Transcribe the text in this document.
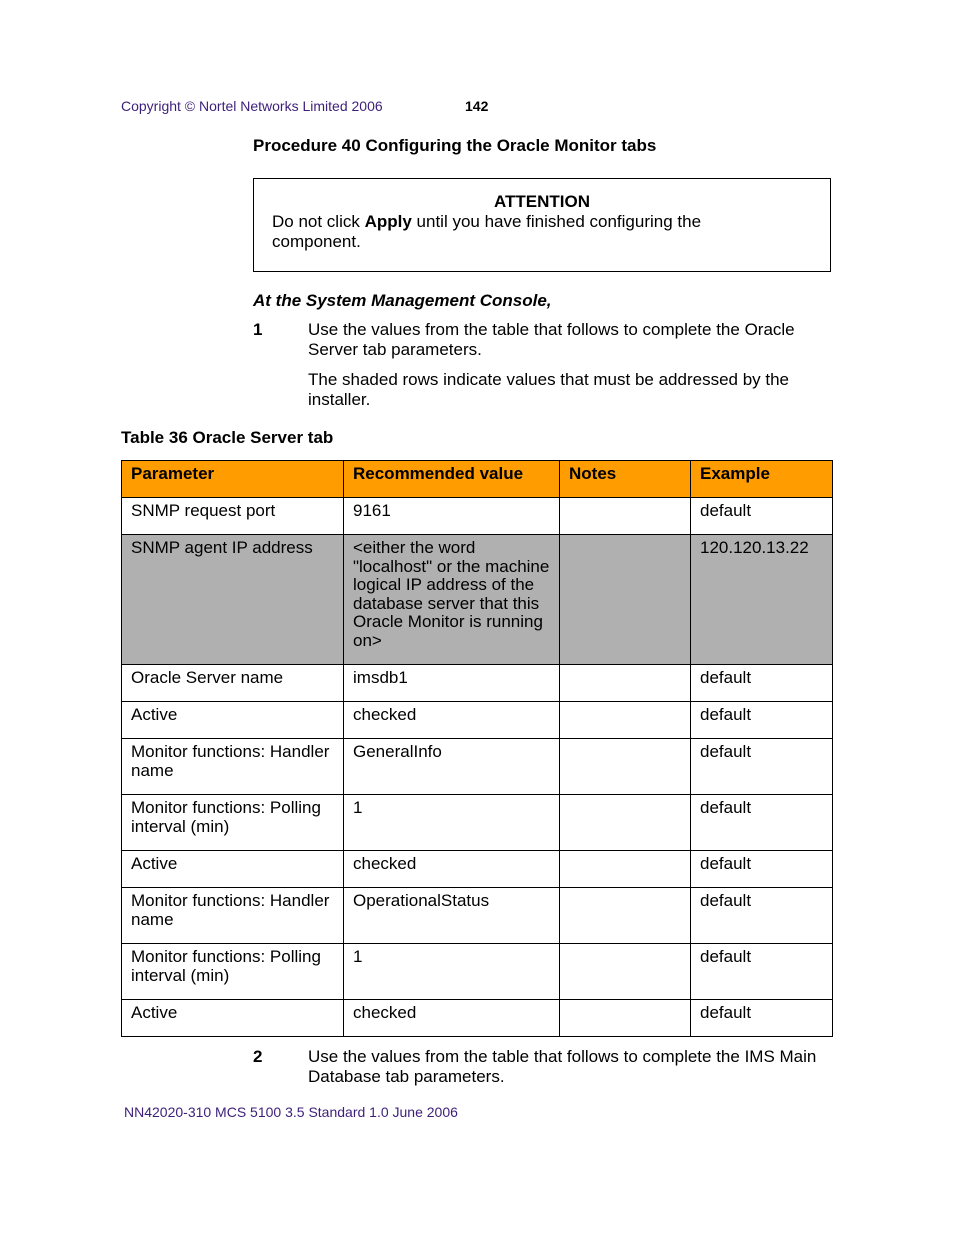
Copyright © Nortel Networks Limited 2006	142
Procedure 40 Configuring the Oracle Monitor tabs
ATTENTION
Do not click Apply until you have finished configuring the component.
At the System Management Console,
1	Use the values from the table that follows to complete the Oracle Server tab parameters.
The shaded rows indicate values that must be addressed by the installer.
Table 36 Oracle Server tab
Parameter	Recommended value	Notes	Example
SNMP request port	9161		default
SNMP agent IP address	<either the word "localhost" or the machine logical IP address of the database server that this Oracle Monitor is running on>		120.120.13.22
Oracle Server name	imsdb1		default
Active	checked		default
Monitor functions: Handler name	GeneralInfo		default
Monitor functions: Polling interval (min)	1		default
Active	checked		default
Monitor functions: Handler name	OperationalStatus		default
Monitor functions: Polling interval (min)	1		default
Active	checked		default
2	Use the values from the table that follows to complete the IMS Main Database tab parameters.
NN42020-310 MCS 5100 3.5 Standard 1.0 June 2006
